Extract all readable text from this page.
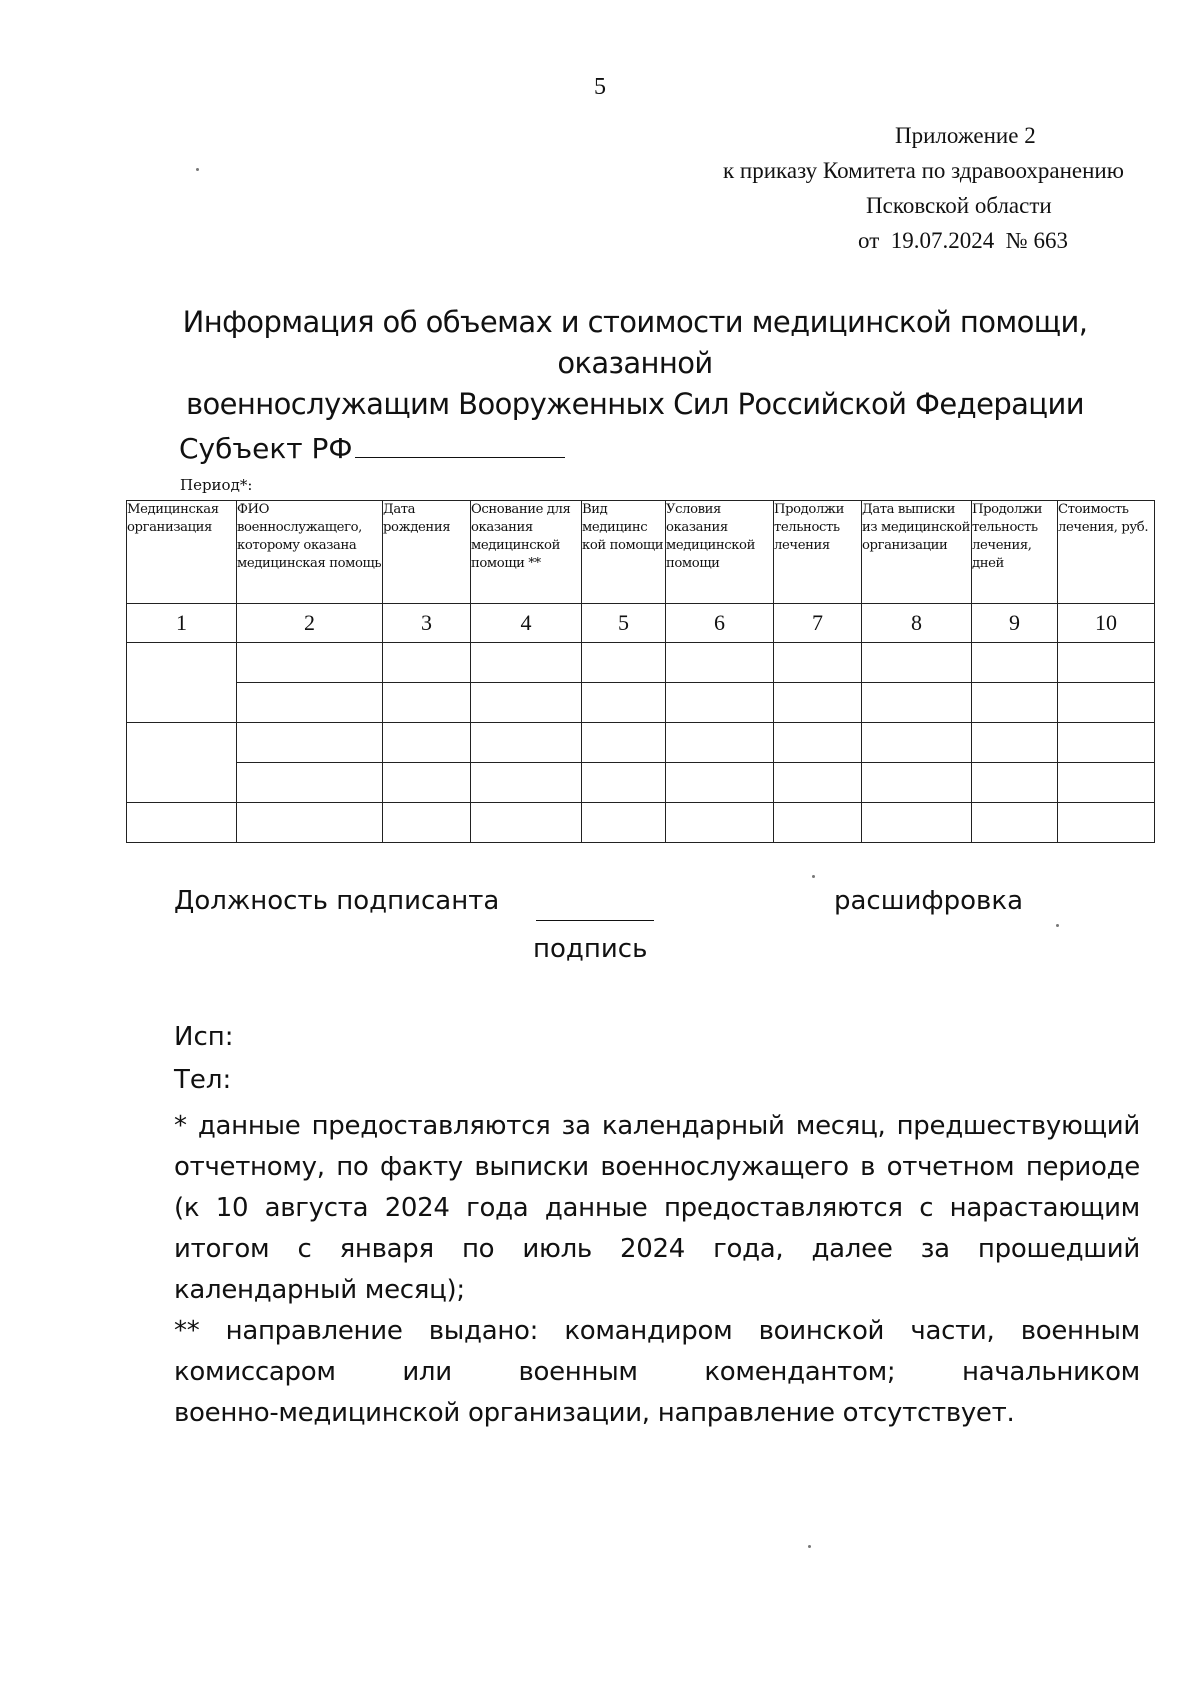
5
Приложение 2
к приказу Комитета по здравоохранению
Псковской области
от  19.07.2024  № 663
Информация об объемах и стоимости медицинской помощи, оказанной
военнослужащим Вооруженных Сил Российской Федерации
Субъект РФ
Период*:
Медицинская организация	ФИО военнослужащего, которому оказана медицинская помощь	Дата рождения	Основание для оказания медицинской помощи **	Вид медицинс кой помощи	Условия оказания медицинской помощи	Продолжи тельность лечения	Дата выписки из медицинской организации	Продолжи тельность лечения, дней	Стоимость лечения, руб.
1	2	3	4	5	6	7	8	9	10

Должность подписанта	расшифровка
подпись
Исп:
Тел:

* данные предоставляются за календарный месяц, предшествующий отчетному, по факту выписки военнослужащего в отчетном периоде (к 10 августа 2024 года данные предоставляются с нарастающим итогом с января по июль 2024 года, далее за прошедший календарный месяц);

** направление выдано: командиром воинской части, военным комиссаром или военным комендантом; начальником

военно-медицинской организации, направление отсутствует.
